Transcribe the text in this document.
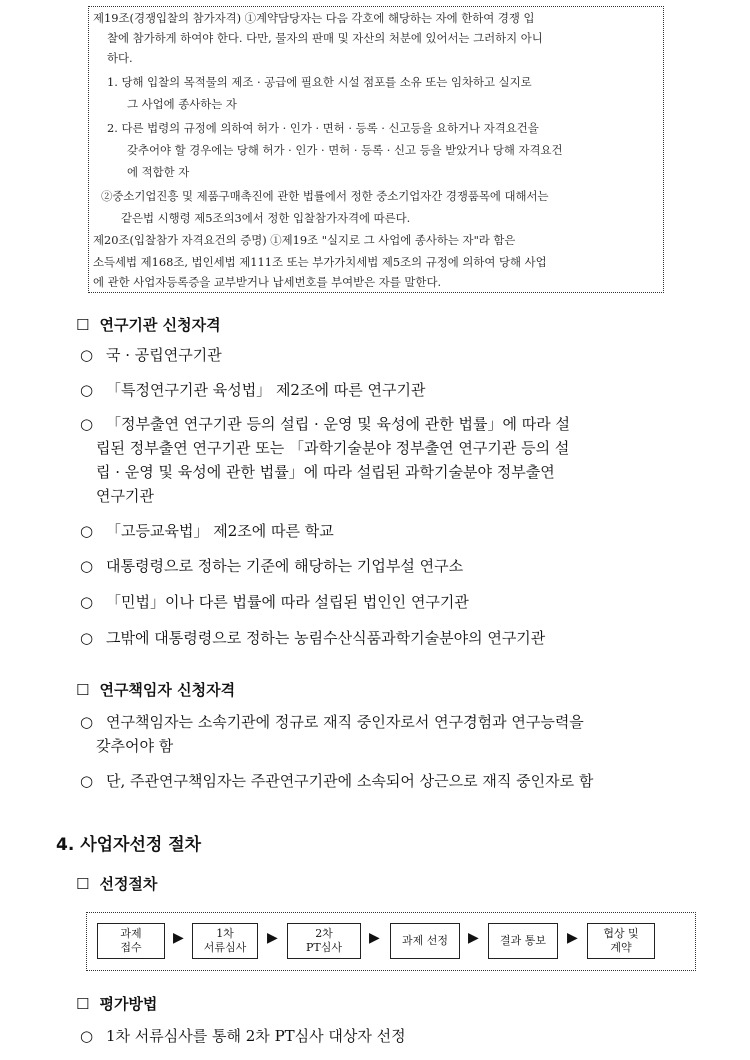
제19조(경쟁입찰의 참가자격) ①계약담당자는 다음 각호에 해당하는 자에 한하여 경쟁 입
찰에 참가하게 하여야 한다. 다만, 물자의 판매 및 자산의 처분에 있어서는 그러하지 아니
하다.
1. 당해 입찰의 목적물의 제조 · 공급에 필요한 시설 점포를 소유 또는 임차하고 실지로
그 사업에 종사하는 자
2. 다른 법령의 규정에 의하여 허가 · 인가 · 면허 · 등록 · 신고등을 요하거나 자격요건을
갖추어야 할 경우에는 당해 허가 · 인가 · 면허 · 등록 · 신고 등을 받았거나 당해 자격요건
에 적합한 자
②중소기업진흥 및 제품구매촉진에 관한 법률에서 정한 중소기업자간 경쟁품목에 대해서는
같은법 시행령 제5조의3에서 정한 입찰참가자격에 따른다.
제20조(입찰참가 자격요건의 증명) ①제19조 "실지로 그 사업에 종사하는 자"라 함은
소득세법 제168조, 법인세법 제111조 또는 부가가치세법 제5조의 규정에 의하여 당해 사업
에 관한 사업자등록증을 교부받거나 납세번호를 부여받은 자를 말한다.
☐ 연구기관 신청자격
○ 국 · 공립연구기관
○ 「특정연구기관 육성법」 제2조에 따른 연구기관
○ 「정부출연 연구기관 등의 설립 · 운영 및 육성에 관한 법률」에 따라 설
립된 정부출연 연구기관 또는 「과학기술분야 정부출연 연구기관 등의 설
립 · 운영 및 육성에 관한 법률」에 따라 설립된 과학기술분야 정부출연
연구기관
○ 「고등교육법」 제2조에 따른 학교
○ 대통령령으로 정하는 기준에 해당하는 기업부설 연구소
○ 「민법」이나 다른 법률에 따라 설립된 법인인 연구기관
○ 그밖에 대통령령으로 정하는 농림수산식품과학기술분야의 연구기관
☐ 연구책임자 신청자격
○ 연구책임자는 소속기관에 정규로 재직 중인자로서 연구경험과 연구능력을
갖추어야 함
○ 단, 주관연구책임자는 주관연구기관에 소속되어 상근으로 재직 중인자로 함
4. 사업자선정 절차
☐ 선정절차
과제
접수
▶	1차
서류심사
▶	2차
PT심사
▶ 과제 선정 ▶ 결과 통보 ▶ 협상 및
계약
☐ 평가방법
○ 1차 서류심사를 통해 2차 PT심사 대상자 선정
